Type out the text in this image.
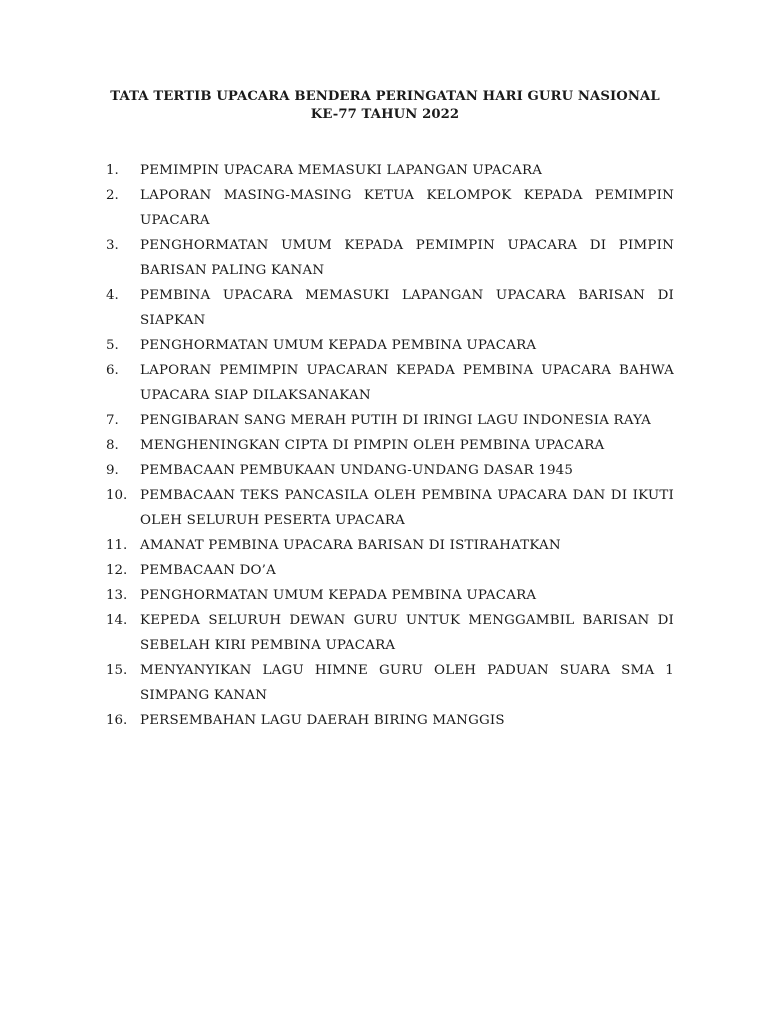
TATA TERTIB UPACARA BENDERA PERINGATAN HARI GURU NASIONAL
KE-77 TAHUN 2022
1.	PEMIMPIN UPACARA MEMASUKI LAPANGAN UPACARA
2.	LAPORAN MASING-MASING KETUA KELOMPOK KEPADA PEMIMPIN UPACARA
3.	PENGHORMATAN UMUM KEPADA PEMIMPIN UPACARA DI PIMPIN BARISAN PALING KANAN
4.	PEMBINA UPACARA MEMASUKI LAPANGAN UPACARA BARISAN DI SIAPKAN
5.	PENGHORMATAN UMUM KEPADA PEMBINA UPACARA
6.	LAPORAN PEMIMPIN UPACARAN KEPADA PEMBINA UPACARA BAHWA UPACARA SIAP DILAKSANAKAN
7.	PENGIBARAN SANG MERAH PUTIH DI IRINGI LAGU INDONESIA RAYA
8.	MENGHENINGKAN CIPTA DI PIMPIN OLEH PEMBINA UPACARA
9.	PEMBACAAN PEMBUKAAN UNDANG-UNDANG DASAR 1945
10. PEMBACAAN TEKS PANCASILA OLEH PEMBINA UPACARA DAN DI IKUTI OLEH SELURUH PESERTA UPACARA
11. AMANAT PEMBINA UPACARA BARISAN DI ISTIRAHATKAN
12. PEMBACAAN DO’A
13. PENGHORMATAN UMUM KEPADA PEMBINA UPACARA
14. KEPEDA SELURUH DEWAN GURU UNTUK MENGGAMBIL BARISAN DI SEBELAH KIRI PEMBINA UPACARA
15. MENYANYIKAN LAGU HIMNE GURU OLEH PADUAN SUARA SMA 1 SIMPANG KANAN
16. PERSEMBAHAN LAGU DAERAH BIRING MANGGIS
